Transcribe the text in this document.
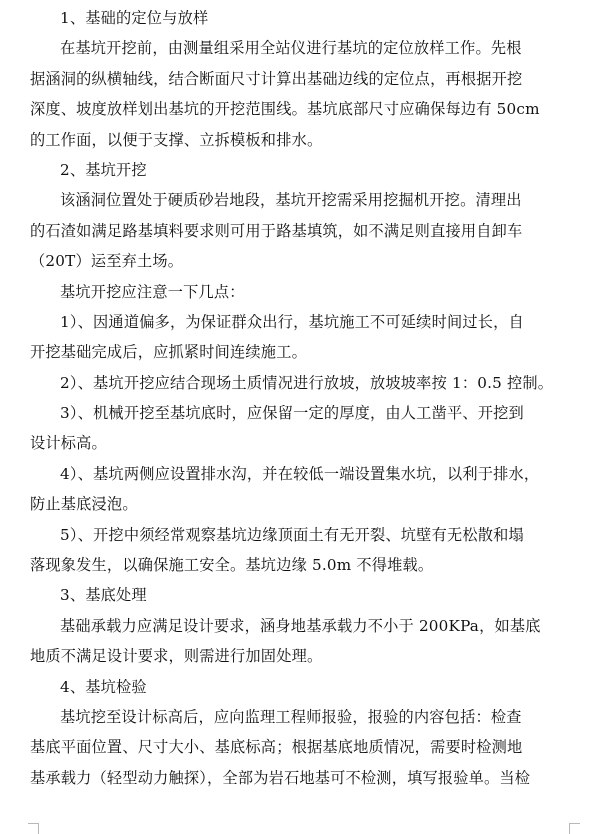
1、基础的定位与放样
在基坑开挖前，由测量组采用全站仪进行基坑的定位放样工作。先根
据涵洞的纵横轴线，结合断面尺寸计算出基础边线的定位点，再根据开挖
深度、坡度放样划出基坑的开挖范围线。基坑底部尺寸应确保每边有 50cm
的工作面，以便于支撑、立拆模板和排水。
2、基坑开挖
该涵洞位置处于硬质砂岩地段，基坑开挖需采用挖掘机开挖。清理出
的石渣如满足路基填料要求则可用于路基填筑，如不满足则直接用自卸车
（20T）运至弃土场。
基坑开挖应注意一下几点：
1）、因通道偏多，为保证群众出行，基坑施工不可延续时间过长，自
开挖基础完成后，应抓紧时间连续施工。
2）、基坑开挖应结合现场土质情况进行放坡，放坡坡率按 1：0.5 控制。
3）、机械开挖至基坑底时，应保留一定的厚度，由人工凿平、开挖到
设计标高。
4）、基坑两侧应设置排水沟，并在较低一端设置集水坑，以利于排水，
防止基底浸泡。
5）、开挖中须经常观察基坑边缘顶面土有无开裂、坑壁有无松散和塌
落现象发生，以确保施工安全。基坑边缘 5.0m 不得堆载。
3、基底处理
基础承载力应满足设计要求，涵身地基承载力不小于 200KPa，如基底
地质不满足设计要求，则需进行加固处理。
4、基坑检验
基坑挖至设计标高后，应向监理工程师报验，报验的内容包括：检查
基底平面位置、尺寸大小、基底标高；根据基底地质情况，需要时检测地
基承载力（轻型动力触探），全部为岩石地基可不检测，填写报验单。当检
